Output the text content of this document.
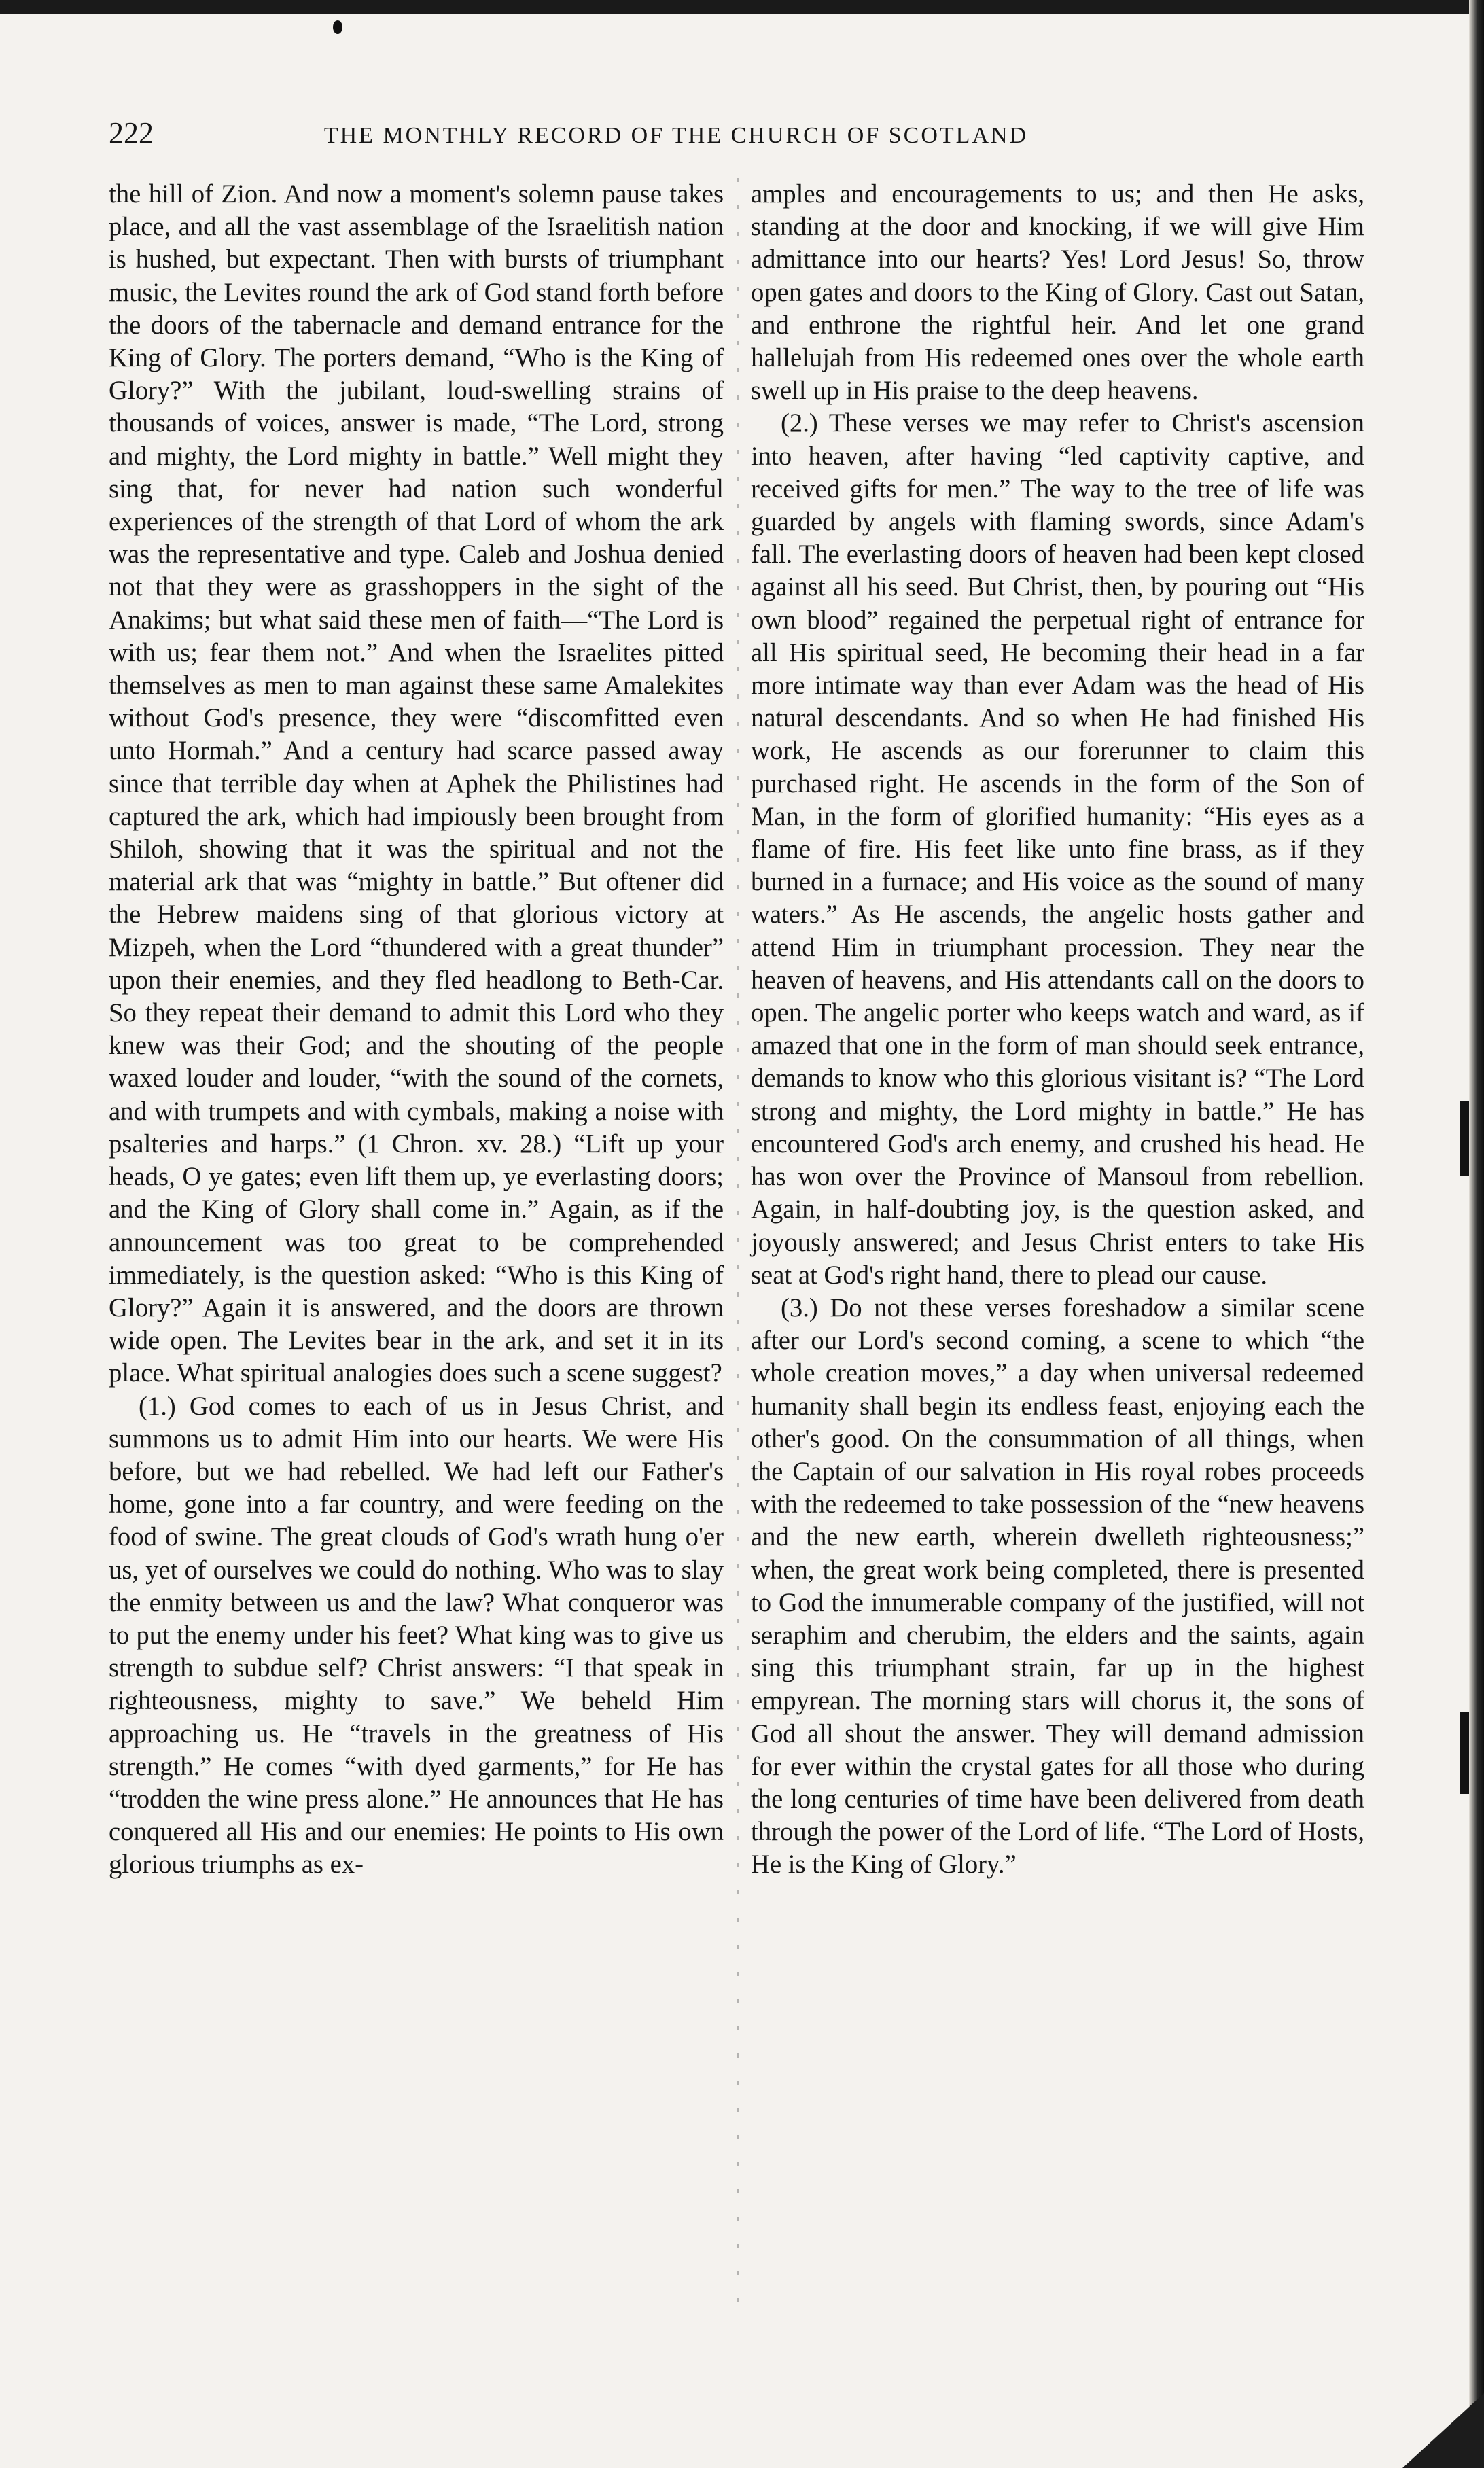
222	THE MONTHLY RECORD OF THE CHURCH OF SCOTLAND

the hill of Zion. And now a moment's solemn pause takes place, and all the vast assemblage of the Israelitish nation is hushed, but expectant. Then with bursts of triumphant music, the Levites round the ark of God stand forth before the doors of the tabernacle and demand entrance for the King of Glory. The porters demand, “Who is the King of Glory?” With the jubilant, loud-swelling strains of thousands of voices, answer is made, “The Lord, strong and mighty, the Lord mighty in battle.” Well might they sing that, for never had nation such wonderful experiences of the strength of that Lord of whom the ark was the representative and type. Caleb and Joshua denied not that they were as grasshoppers in the sight of the Anakims; but what said these men of faith—“The Lord is with us; fear them not.” And when the Israelites pitted themselves as men to man against these same Amalekites without God's presence, they were “discomfitted even unto Hormah.” And a century had scarce passed away since that terrible day when at Aphek the Philistines had captured the ark, which had impiously been brought from Shiloh, showing that it was the spiritual and not the material ark that was “mighty in battle.” But oftener did the Hebrew maidens sing of that glorious victory at Mizpeh, when the Lord “thundered with a great thunder” upon their enemies, and they fled headlong to Beth-Car. So they repeat their demand to admit this Lord who they knew was their God; and the shouting of the people waxed louder and louder, “with the sound of the cornets, and with trumpets and with cymbals, making a noise with psalteries and harps.” (1 Chron. xv. 28.) “Lift up your heads, O ye gates; even lift them up, ye everlasting doors; and the King of Glory shall come in.” Again, as if the announcement was too great to be comprehended immediately, is the question asked: “Who is this King of Glory?” Again it is answered, and the doors are thrown wide open. The Levites bear in the ark, and set it in its place. What spiritual analogies does such a scene suggest?

(1.) God comes to each of us in Jesus Christ, and summons us to admit Him into our hearts. We were His before, but we had rebelled. We had left our Father's home, gone into a far country, and were feeding on the food of swine. The great clouds of God's wrath hung o'er us, yet of ourselves we could do nothing. Who was to slay the enmity between us and the law? What conqueror was to put the enemy under his feet? What king was to give us strength to subdue self? Christ answers: “I that speak in righteousness, mighty to save.” We beheld Him approaching us. He “travels in the greatness of His strength.” He comes “with dyed garments,” for He has “trodden the wine press alone.” He announces that He has conquered all His and our enemies: He points to His own glorious triumphs as ex-

amples and encouragements to us; and then He asks, standing at the door and knocking, if we will give Him admittance into our hearts? Yes! Lord Jesus! So, throw open gates and doors to the King of Glory. Cast out Satan, and enthrone the rightful heir. And let one grand hallelujah from His redeemed ones over the whole earth swell up in His praise to the deep heavens.

(2.) These verses we may refer to Christ's ascension into heaven, after having “led captivity captive, and received gifts for men.” The way to the tree of life was guarded by angels with flaming swords, since Adam's fall. The everlasting doors of heaven had been kept closed against all his seed. But Christ, then, by pouring out “His own blood” regained the perpetual right of entrance for all His spiritual seed, He becoming their head in a far more intimate way than ever Adam was the head of His natural descendants. And so when He had finished His work, He ascends as our forerunner to claim this purchased right. He ascends in the form of the Son of Man, in the form of glorified humanity: “His eyes as a flame of fire. His feet like unto fine brass, as if they burned in a furnace; and His voice as the sound of many waters.” As He ascends, the angelic hosts gather and attend Him in triumphant procession. They near the heaven of heavens, and His attendants call on the doors to open. The angelic porter who keeps watch and ward, as if amazed that one in the form of man should seek entrance, demands to know who this glorious visitant is? “The Lord strong and mighty, the Lord mighty in battle.” He has encountered God's arch enemy, and crushed his head. He has won over the Province of Mansoul from rebellion. Again, in half-doubting joy, is the question asked, and joyously answered; and Jesus Christ enters to take His seat at God's right hand, there to plead our cause.

(3.) Do not these verses foreshadow a similar scene after our Lord's second coming, a scene to which “the whole creation moves,” a day when universal redeemed humanity shall begin its endless feast, enjoying each the other's good. On the consummation of all things, when the Captain of our salvation in His royal robes proceeds with the redeemed to take possession of the “new heavens and the new earth, wherein dwelleth righteousness;” when, the great work being completed, there is presented to God the innumerable company of the justified, will not seraphim and cherubim, the elders and the saints, again sing this triumphant strain, far up in the highest empyrean. The morning stars will chorus it, the sons of God all shout the answer. They will demand admission for ever within the crystal gates for all those who during the long centuries of time have been delivered from death through the power of the Lord of life. “The Lord of Hosts, He is the King of Glory.”
